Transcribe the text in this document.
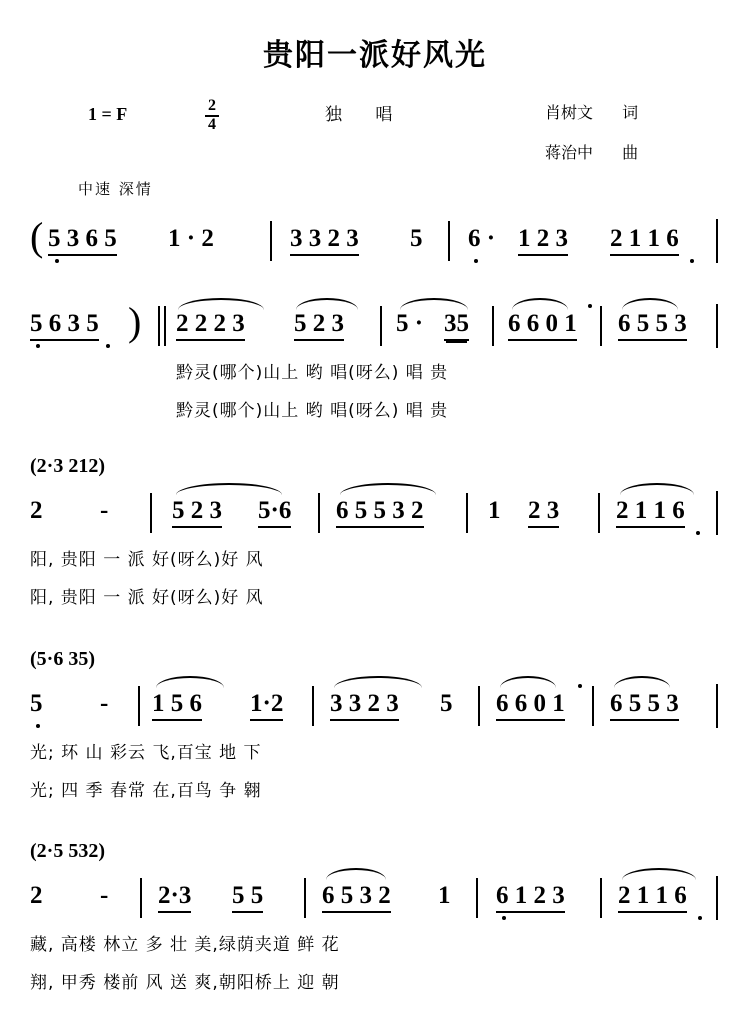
贵阳一派好风光
1 = F	$\frac{2}{4}$	独 唱	肖树文 词
蒋治中 曲
中速 深情
( 5 3 6 5 1 · 2	3 3 2 3 5 6 · 1 2 3 2 1 1 6
5 6 3 5 ) 2 2 2 3 5 2 3 5 · 35 6 6 0 1 6 5 5 3
黔灵(哪个)山上 哟 唱(呀么) 唱 贵
黔灵(哪个)山上 哟 唱(呀么) 唱 贵
(2·3 212)
2 -	5 2 3 5·6 6 5 5 3 2	1 2 3 2 1 1 6
阳, 贵阳 一 派 好(呀么)好 风
阳, 贵阳 一 派 好(呀么)好 风
(5·6 35)
5 - 1 5 6 1·2 3 3 2 3 5 6 6 0 1 6 5 5 3
光; 环 山 彩云 飞,百宝 地 下
光; 四 季 春常 在,百鸟 争 翱
(2·5 532)
2 - 2·3 5 5 6 5 3 2 1 6 1 2 3 2 1 1 6
藏, 高楼 林立 多 壮 美,绿荫夹道 鲜 花
翔, 甲秀 楼前 风 送 爽,朝阳桥上 迎 朝
